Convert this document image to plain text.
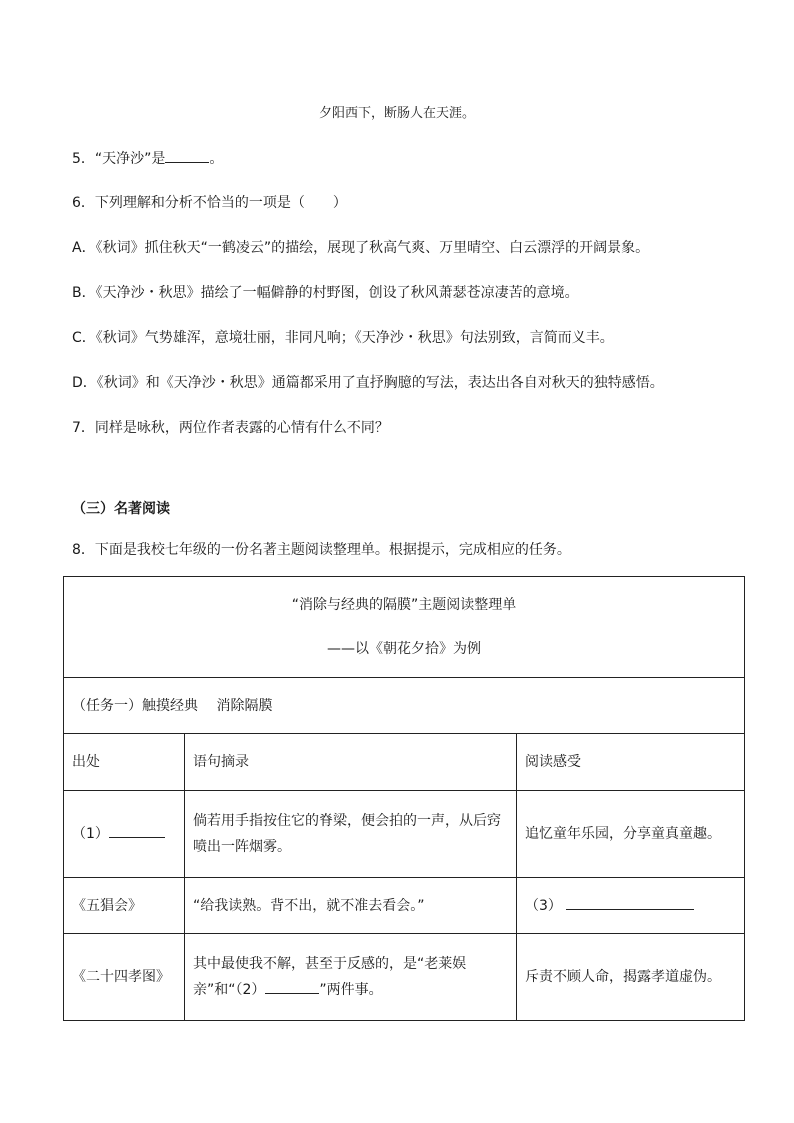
夕阳西下，断肠人在天涯。
5．“天净沙”是	。
6．下列理解和分析不恰当的一项是（　　）
A．《秋词》抓住秋天“一鹤凌云”的描绘，展现了秋高气爽、万里晴空、白云漂浮的开阔景象。
B．《天净沙・秋思》描绘了一幅僻静的村野图，创设了秋风萧瑟苍凉凄苦的意境。
C．《秋词》气势雄浑，意境壮丽，非同凡响；《天净沙・秋思》句法别致，言简而义丰。
D．《秋词》和《天净沙・秋思》通篇都采用了直抒胸臆的写法，表达出各自对秋天的独特感悟。
7．同样是咏秋，两位作者表露的心情有什么不同？
（三）名著阅读
8．下面是我校七年级的一份名著主题阅读整理单。根据提示，完成相应的任务。
“消除与经典的隔膜”主题阅读整理单
——以《朝花夕拾》为例		

（任务一）触摸经典　 消除隔膜		
出处	语句摘录	阅读感受
（1）	倘若用手指按住它的脊梁，便会拍的一声，从后窍喷出一阵烟雾。	追忆童年乐园，分享童真童趣。
《五猖会》	“给我读熟。背不出，就不准去看会。”	（3）
《二十四孝图》	其中最使我不解，甚至于反感的，是“老莱娱亲”和“（2） ”两件事。	斥责不顾人命，揭露孝道虚伪。
